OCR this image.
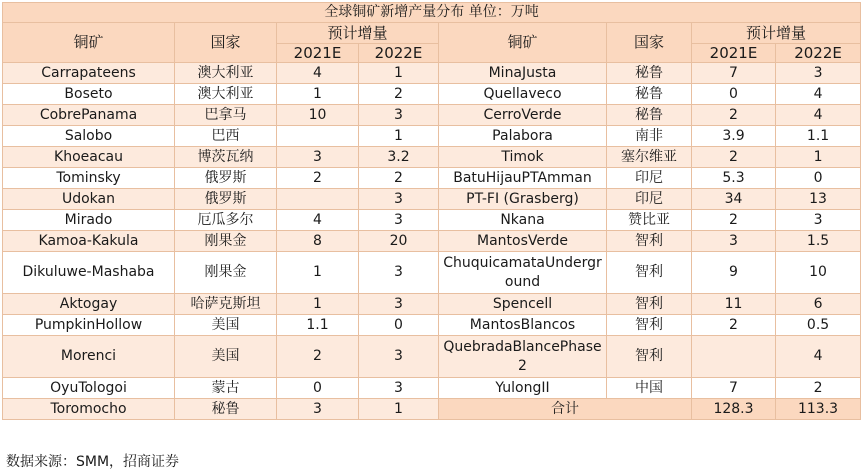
全球铜矿新增产量分布 单位：万吨							
铜矿	国家	预计增量		铜矿	国家	预计增量	
		2021E	2022E			2021E	2022E
Carrapateens	澳大利亚	4	1	MinaJusta	秘鲁	7	3
Boseto	澳大利亚	1	2	Quellaveco	秘鲁	0	4
CobrePanama	巴拿马	10	3	CerroVerde	秘鲁	2	4
Salobo	巴西		1	Palabora	南非	3.9	1.1
Khoeacau	博茨瓦纳	3	3.2	Timok	塞尔维亚	2	1
Tominsky	俄罗斯	2	2	BatuHijauPTAmman	印尼	5.3	0
Udokan	俄罗斯		3	PT-FI (Grasberg)	印尼	34	13
Mirado	厄瓜多尔	4	3	Nkana	赞比亚	2	3
Kamoa-Kakula	刚果金	8	20	MantosVerde	智利	3	1.5
Dikuluwe-Mashaba	刚果金	1	3	ChuquicamataUnderground	智利	9	10
Aktogay	哈萨克斯坦	1	3	Spencell	智利	11	6
PumpkinHollow	美国	1.1	0	MantosBlancos	智利	2	0.5
Morenci	美国	2	3	QuebradaBlancePhase2	智利		4
OyuTologoi	蒙古	0	3	YulongII	中国	7	2
Toromocho	秘鲁	3	1	合计		128.3	113.3
数据来源：SMM，招商证券
